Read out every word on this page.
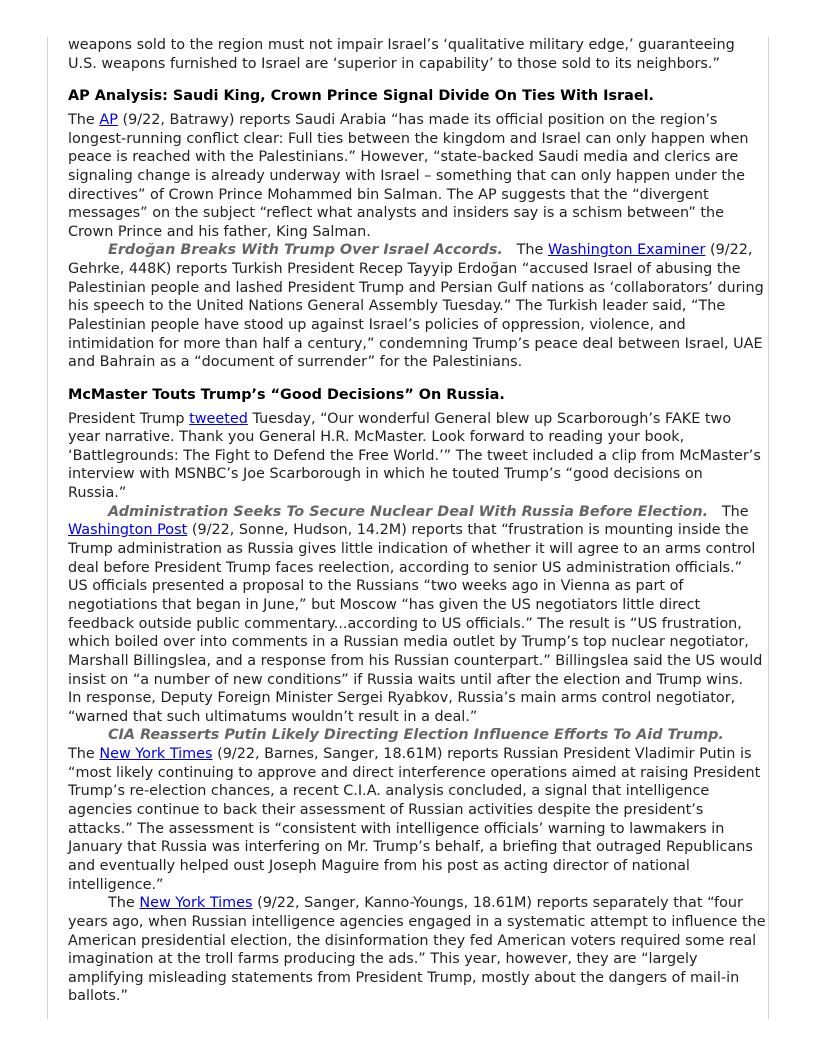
weapons sold to the region must not impair Israel’s ‘qualitative military edge,’ guaranteeing
U.S. weapons furnished to Israel are ‘superior in capability’ to those sold to its neighbors.”
AP Analysis: Saudi King, Crown Prince Signal Divide On Ties With Israel.
The AP (9/22, Batrawy) reports Saudi Arabia “has made its official position on the region’s
longest-running conflict clear: Full ties between the kingdom and Israel can only happen when
peace is reached with the Palestinians.” However, “state-backed Saudi media and clerics are
signaling change is already underway with Israel – something that can only happen under the
directives” of Crown Prince Mohammed bin Salman. The AP suggests that the “divergent
messages” on the subject “reflect what analysts and insiders say is a schism between” the
Crown Prince and his father, King Salman.
Erdoğan Breaks With Trump Over Israel Accords.   The Washington Examiner (9/22,
Gehrke, 448K) reports Turkish President Recep Tayyip Erdoğan “accused Israel of abusing the
Palestinian people and lashed President Trump and Persian Gulf nations as ‘collaborators’ during
his speech to the United Nations General Assembly Tuesday.” The Turkish leader said, “The
Palestinian people have stood up against Israel’s policies of oppression, violence, and
intimidation for more than half a century,” condemning Trump’s peace deal between Israel, UAE
and Bahrain as a “document of surrender” for the Palestinians.
McMaster Touts Trump’s “Good Decisions” On Russia.
President Trump tweeted Tuesday, “Our wonderful General blew up Scarborough’s FAKE two
year narrative. Thank you General H.R. McMaster. Look forward to reading your book,
‘Battlegrounds: The Fight to Defend the Free World.’” The tweet included a clip from McMaster’s
interview with MSNBC’s Joe Scarborough in which he touted Trump’s “good decisions on
Russia.”
Administration Seeks To Secure Nuclear Deal With Russia Before Election.   The
Washington Post (9/22, Sonne, Hudson, 14.2M) reports that “frustration is mounting inside the
Trump administration as Russia gives little indication of whether it will agree to an arms control
deal before President Trump faces reelection, according to senior US administration officials.”
US officials presented a proposal to the Russians “two weeks ago in Vienna as part of
negotiations that began in June,” but Moscow “has given the US negotiators little direct
feedback outside public commentary...according to US officials.” The result is “US frustration,
which boiled over into comments in a Russian media outlet by Trump’s top nuclear negotiator,
Marshall Billingslea, and a response from his Russian counterpart.” Billingslea said the US would
insist on “a number of new conditions” if Russia waits until after the election and Trump wins.
In response, Deputy Foreign Minister Sergei Ryabkov, Russia’s main arms control negotiator,
“warned that such ultimatums wouldn’t result in a deal.”
CIA Reasserts Putin Likely Directing Election Influence Efforts To Aid Trump.
The New York Times (9/22, Barnes, Sanger, 18.61M) reports Russian President Vladimir Putin is
“most likely continuing to approve and direct interference operations aimed at raising President
Trump’s re-election chances, a recent C.I.A. analysis concluded, a signal that intelligence
agencies continue to back their assessment of Russian activities despite the president’s
attacks.” The assessment is “consistent with intelligence officials’ warning to lawmakers in
January that Russia was interfering on Mr. Trump’s behalf, a briefing that outraged Republicans
and eventually helped oust Joseph Maguire from his post as acting director of national
intelligence.”
The New York Times (9/22, Sanger, Kanno-Youngs, 18.61M) reports separately that “four
years ago, when Russian intelligence agencies engaged in a systematic attempt to influence the
American presidential election, the disinformation they fed American voters required some real
imagination at the troll farms producing the ads.” This year, however, they are “largely
amplifying misleading statements from President Trump, mostly about the dangers of mail-in
ballots.”
